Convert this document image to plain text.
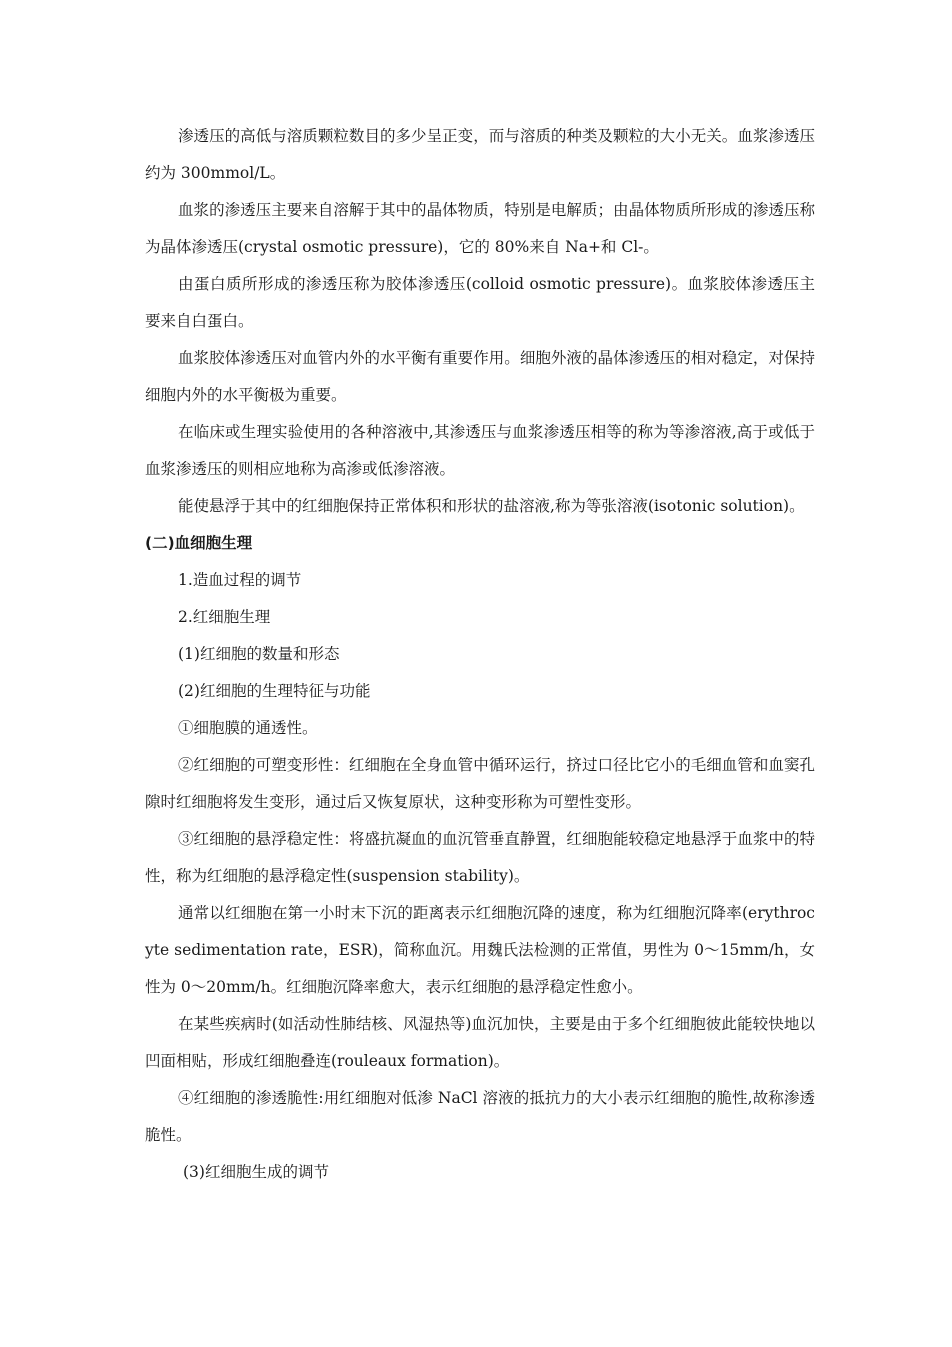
渗透压的高低与溶质颗粒数目的多少呈正变，而与溶质的种类及颗粒的大小无关。血浆渗透压约为 300mmol/L。

血浆的渗透压主要来自溶解于其中的晶体物质，特别是电解质；由晶体物质所形成的渗透压称为晶体渗透压(crystal osmotic pressure)，它的 80%来自 Na+和 Cl-。

由蛋白质所形成的渗透压称为胶体渗透压(colloid osmotic pressure)。血浆胶体渗透压主要来自白蛋白。

血浆胶体渗透压对血管内外的水平衡有重要作用。细胞外液的晶体渗透压的相对稳定，对保持细胞内外的水平衡极为重要。

在临床或生理实验使用的各种溶液中,其渗透压与血浆渗透压相等的称为等渗溶液,高于或低于血浆渗透压的则相应地称为高渗或低渗溶液。

能使悬浮于其中的红细胞保持正常体积和形状的盐溶液,称为等张溶液(isotonic solution)。

(二)血细胞生理

1.造血过程的调节

2.红细胞生理

(1)红细胞的数量和形态

(2)红细胞的生理特征与功能

①细胞膜的通透性。

②红细胞的可塑变形性：红细胞在全身血管中循环运行，挤过口径比它小的毛细血管和血窦孔隙时红细胞将发生变形，通过后又恢复原状，这种变形称为可塑性变形。

③红细胞的悬浮稳定性：将盛抗凝血的血沉管垂直静置，红细胞能较稳定地悬浮于血浆中的特性，称为红细胞的悬浮稳定性(suspension stability)。

通常以红细胞在第一小时末下沉的距离表示红细胞沉降的速度，称为红细胞沉降率(erythrocyte sedimentation rate，ESR)，简称血沉。用魏氏法检测的正常值，男性为 0～15mm/h，女性为 0～20mm/h。红细胞沉降率愈大，表示红细胞的悬浮稳定性愈小。

在某些疾病时(如活动性肺结核、风湿热等)血沉加快，主要是由于多个红细胞彼此能较快地以凹面相贴，形成红细胞叠连(rouleaux formation)。

④红细胞的渗透脆性:用红细胞对低渗 NaCl 溶液的抵抗力的大小表示红细胞的脆性,故称渗透脆性。

(3)红细胞生成的调节
